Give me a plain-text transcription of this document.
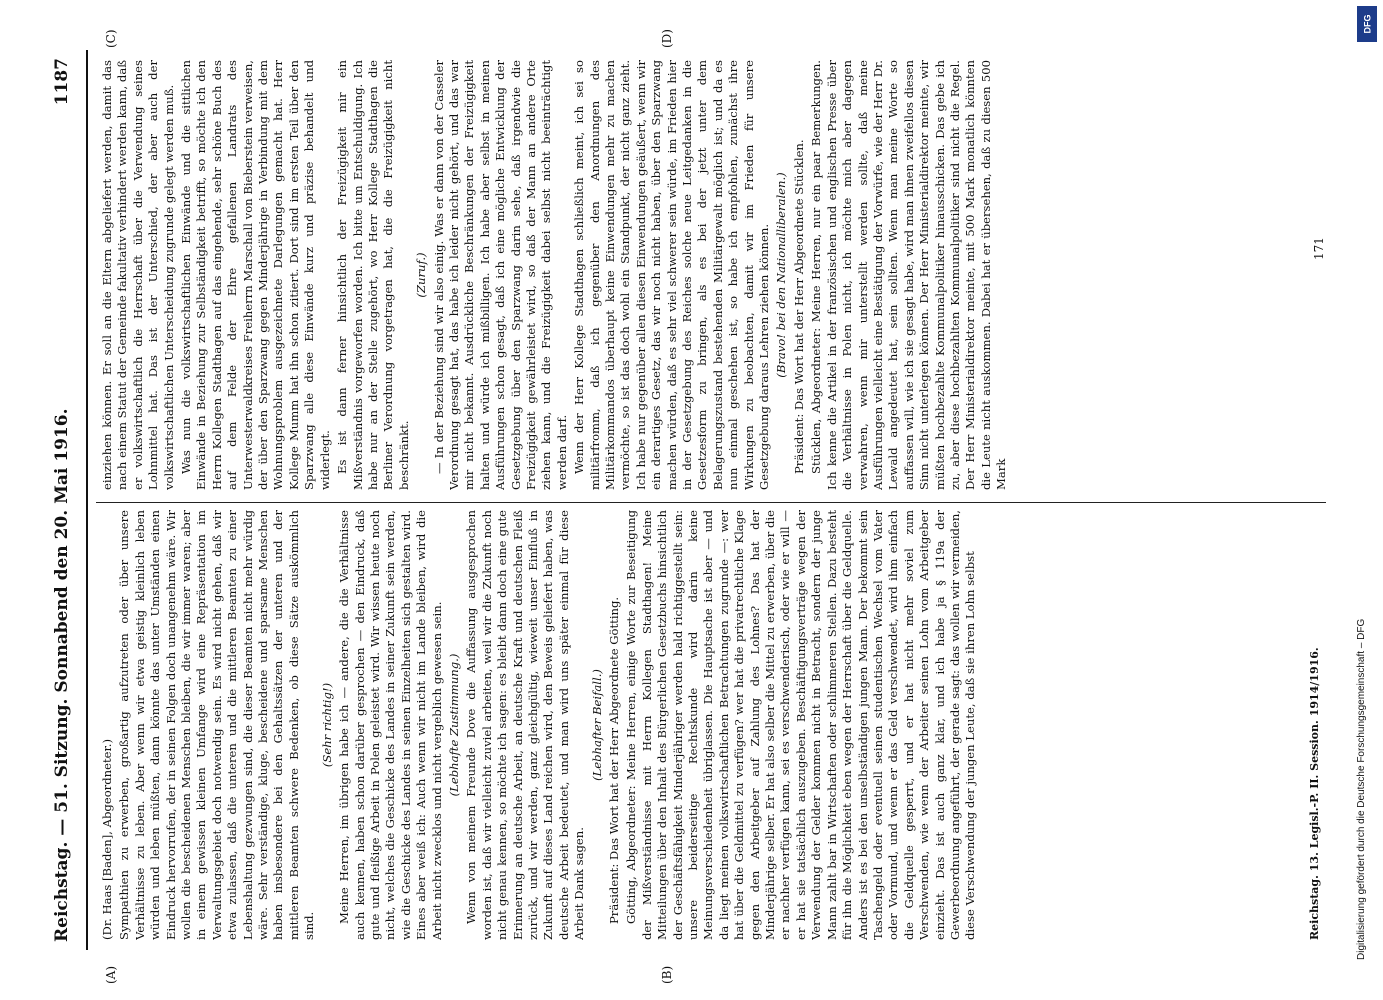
Reichstag. — 51. Sitzung. Sonnabend den 20. Mai 1916.
1187
(A)	(B)
(C)	(D)

(Dr. Haas [Baden], Abgeordneter.) Sympathien zu erwerben, großartig aufzutreten oder über unsere Verhältnisse zu leben. Aber wenn wir etwa geistig kleinlich leben würden und leben müßten, dann könnte das unter Umständen einen Eindruck hervorrufen, der in seinen Folgen doch unangenehm wäre. Wir wollen die bescheidenen Menschen bleiben, die wir immer waren; aber in einem gewissen kleinen Umfange wird eine Repräsentation im Verwaltungsgebiet doch notwendig sein. Es wird nicht gehen, daß wir etwa zulassen, daß die unteren und die mittleren Beamten zu einer Lebenshaltung gezwungen sind, die dieser Beamten nicht mehr würdig wäre. Sehr verständige, kluge, bescheidene und sparsame Menschen haben insbesondere bei den Gehaltssätzen der unteren und der mittleren Beamten schwere Bedenken, ob diese Sätze auskömmlich sind.

(Sehr richtig!) Meine Herren, im übrigen habe ich — andere, die die Verhältnisse auch kennen, haben schon darüber gesprochen — den Eindruck, daß gute und fleißige Arbeit in Polen geleistet wird. Wir wissen heute noch nicht, welches die Geschicke des Landes in seiner Zukunft sein werden, wie die Geschicke des Landes in seinen Einzelheiten sich gestalten wird. Eines aber weiß ich: Auch wenn wir nicht im Lande bleiben, wird die Arbeit nicht zwecklos und nicht vergeblich gewesen sein. (Lebhafte Zustimmung.) Wenn von meinem Freunde Dove die Auffassung ausgesprochen worden ist, daß wir vielleicht zuviel arbeiten, weil wir die Zukunft noch nicht genau kennen, so möchte ich sagen: es bleibt dann doch eine gute Erinnerung an deutsche Arbeit, an deutsche Kraft und deutschen Fleiß zurück, und wir werden, ganz gleichgültig, wieweit unser Einfluß in Zukunft auf dieses Land reichen wird, den Beweis geliefert haben, was deutsche Arbeit bedeutet, und man wird uns später einmal für diese Arbeit Dank sagen.

(Lebhafter Beifall.) Präsident: Das Wort hat der Herr Abgeordnete Götting. Götting, Abgeordneter: Meine Herren, einige Worte zur Beseitigung der Mißverständnisse mit Herrn Kollegen Stadthagen! Meine Mitteilungen über den Inhalt des Bürgerlichen Gesetzbuchs hinsichtlich der Geschäftsfähigkeit Minderjähriger werden hald richtiggestellt sein: unsere beiderseitige Rechtskunde wird darin keine Meinungsverschiedenheit übriglassen. Die Hauptsache ist aber — und da liegt meinen volkswirtschaftlichen Betrachtungen zugrunde —: wer hat über die Geldmittel zu verfügen? wer hat die privatrechtliche Klage gegen den Arbeitgeber auf Zahlung des Lohnes? Das hat der Minderjährige selber. Er hat also selber die Mittel zu erwerben, über die er nachher verfügen kann, sei es verschwenderisch, oder wie er will — er hat sie tatsächlich auszugeben. Beschäftigungsverträge wegen der Verwendung der Gelder kommen nicht in Betracht, sondern der junge Mann zahlt bar in Wirtschaften oder schlimmeren Stellen. Dazu besteht für ihn die Möglichkeit eben wegen der Herrschaft über die Geldquelle. Anders ist es bei den unselbständigen jungen Mann. Der bekommt sein Taschengeld oder eventuell seinen studentischen Wechsel vom Vater oder Vormund, und wenn er das Geld verschwendet, wird ihm einfach die Geldquelle gesperrt, und er hat nicht mehr soviel zum Verschwenden, wie wenn der Arbeiter seinen Lohn vom Arbeitgeber einzieht. Das ist auch ganz klar, und ich habe ja § 119a der Gewerbeordnung angeführt, der gerade sagt: das wollen wir vermeiden, diese Verschwendung der jungen Leute, daß sie ihren Lohn selbst

einziehen können. Er soll an die Eltern abgeliefert werden, damit das nach einem Statut der Gemeinde fakultativ verhindert werden kann, daß er volkswirtschaftlich die Herrschaft über die Verwendung seines Lohnmittel hat. Das ist der Unterschied, der aber auch der volkswirtschaftlichen Unterscheidung zugrunde gelegt werden muß. Was nun die volkswirtschaftlichen Einwände und die sittlichen Einwände in Beziehung zur Selbständigkeit betrifft, so möchte ich den Herrn Kollegen Stadthagen auf das eingehende, sehr schöne Buch des auf dem Felde der Ehre gefallenen Landrats des Unterwesterwaldkreises Freiherrn Marschall von Bieberstein verweisen, der über den Sparzwang gegen Minderjährige in Verbindung mit dem Wohnungsproblem ausgezeichnete Darlegungen gemacht hat. Herr Kollege Mumm hat ihn schon zitiert. Dort sind im ersten Teil über den Sparzwang alle diese Einwände kurz und präzise behandelt und widerlegt. Es ist dann ferner hinsichtlich der Freizügigkeit mir ein Mißverständnis vorgeworfen worden. Ich bitte um Entschuldigung. Ich habe nur an der Stelle zugehört, wo Herr Kollege Stadthagen die Berliner Verordnung vorgetragen hat, die die Freizügigkeit nicht beschränkt.

(Zuruf.) — In der Beziehung sind wir also einig. Was er dann von der Casseler Verordnung gesagt hat, das habe ich leider nicht gehört, und das war mir nicht bekannt. Ausdrückliche Beschränkungen der Freizügigkeit halten und würde ich mißbilligen. Ich habe aber selbst in meinen Ausführungen schon gesagt, daß ich eine mögliche Entwicklung der Gesetzgebung über den Sparzwang darin sehe, daß irgendwie die Freizügigkeit gewährleistet wird, so daß der Mann an andere Orte ziehen kann, und die Freizügigkeit dabei selbst nicht beeinträchtigt werden darf. Wenn der Herr Kollege Stadthagen schließlich meint, ich sei so militärfromm, daß ich gegenüber den Anordnungen des Militärkommandos überhaupt keine Einwendungen mehr zu machen vermöchte, so ist das doch wohl ein Standpunkt, der nicht ganz zieht. Ich habe nur gegenüber allen diesen Einwendungen geäußert, wenn wir ein derartiges Gesetz, das wir noch nicht haben, über den Sparzwang machen würden, daß es sehr viel schwerer sein würde, im Frieden hier in der Gesetzgebung des Reiches solche neue Leitgedanken in die Gesetzesform zu bringen, als es bei der jetzt unter dem Belagerungszustand bestehenden Militärgewalt möglich ist; und da es nun einmal geschehen ist, so habe ich empfohlen, zunächst ihre Wirkungen zu beobachten, damit wir im Frieden für unsere Gesetzgebung daraus Lehren ziehen können. (Bravo! bei den Nationalliberalen.) Präsident: Das Wort hat der Herr Abgeordnete Stücklen. Stücklen, Abgeordneter: Meine Herren, nur ein paar Bemerkungen. Ich kenne die Artikel in der französischen und englischen Presse über die Verhältnisse in Polen nicht, ich möchte mich aber dagegen verwahren, wenn mir unterstellt werden sollte, daß meine Ausführungen vielleicht eine Bestätigung der Vorwürfe, wie der Herr Dr. Lewald angedeutet hat, sein sollten. Wenn man meine Worte so auffassen will, wie ich sie gesagt habe, wird man ihnen zweifellos diesen Sinn nicht unterlegen können. Der Herr Ministerialdirektor meinte, wir müßten hochbezahlte Kommunalpolitiker hinausschicken. Das gebe ich zu, aber diese hochbezahlten Kommunalpolitiker sind nicht die Regel. Der Herr Ministerialdirektor meinte, mit 500 Mark monatlich könnten die Leute nicht auskommen. Dabei hat er übersehen, daß zu diesen 500 Mark

Reichstag. 13. Legisl.-P. II. Session. 1914/1916.
171
Digitalisierung gefördert durch die Deutsche Forschungsgemeinschaft – DFG
DFG
